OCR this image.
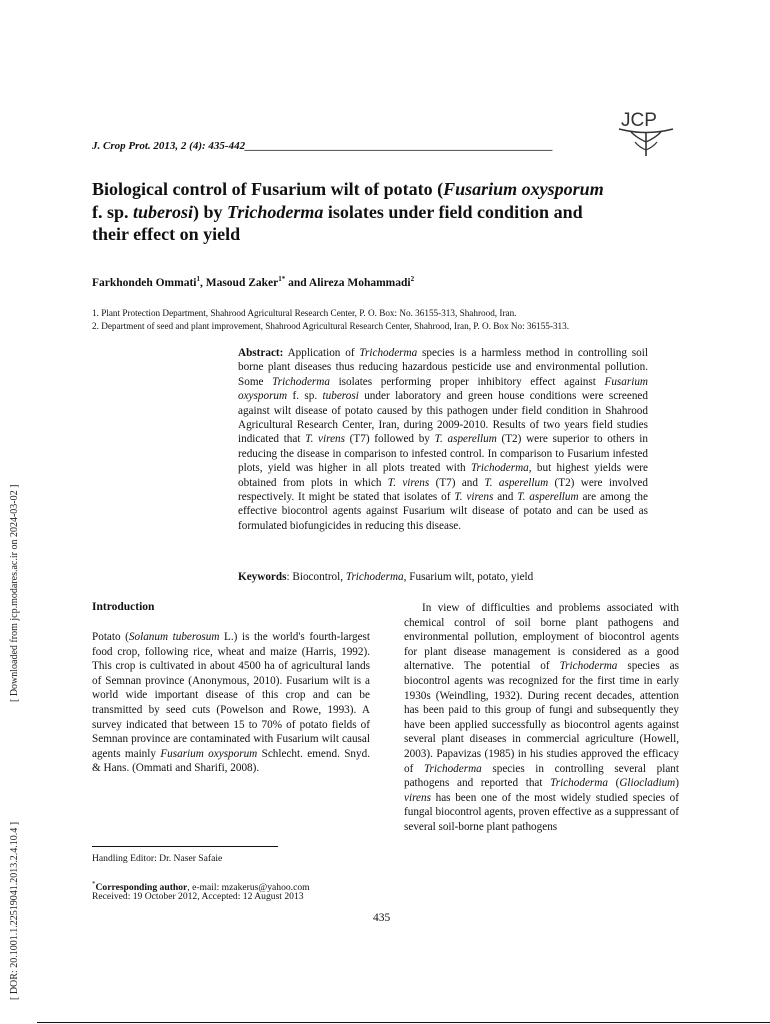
J. Crop Prot. 2013, 2 (4): 435-442________________________________________________________
JCP
Biological control of Fusarium wilt of potato (Fusarium oxysporum f. sp. tuberosi) by Trichoderma isolates under field condition and their effect on yield
Farkhondeh Ommati$^1$, Masoud Zaker$^{1*}$ and Alireza Mohammadi$^2$
1. Plant Protection Department, Shahrood Agricultural Research Center, P. O. Box: No. 36155-313, Shahrood, Iran.
2. Department of seed and plant improvement, Shahrood Agricultural Research Center, Shahrood, Iran, P. O. Box No: 36155-313.
Abstract: Application of Trichoderma species is a harmless method in controlling soil borne plant diseases thus reducing hazardous pesticide use and environmental pollution. Some Trichoderma isolates performing proper inhibitory effect against Fusarium oxysporum f. sp. tuberosi under laboratory and green house conditions were screened against wilt disease of potato caused by this pathogen under field condition in Shahrood Agricultural Research Center, Iran, during 2009-2010. Results of two years field studies indicated that T. virens (T7) followed by T. asperellum (T2) were superior to others in reducing the disease in comparison to infested control. In comparison to Fusarium infested plots, yield was higher in all plots treated with Trichoderma, but highest yields were obtained from plots in which T. virens (T7) and T. asperellum (T2) were involved respectively. It might be stated that isolates of T. virens and T. asperellum are among the effective biocontrol agents against Fusarium wilt disease of potato and can be used as formulated biofungicides in reducing this disease.
Keywords: Biocontrol, Trichoderma, Fusarium wilt, potato, yield
Introduction
Potato (Solanum tuberosum L.) is the world's fourth-largest food crop, following rice, wheat and maize (Harris, 1992). This crop is cultivated in about 4500 ha of agricultural lands of Semnan province (Anonymous, 2010). Fusarium wilt is a world wide important disease of this crop and can be transmitted by seed cuts (Powelson and Rowe, 1993). A survey indicated that between 15 to 70% of potato fields of Semnan province are contaminated with Fusarium wilt causal agents mainly Fusarium oxysporum Schlecht. emend. Snyd. & Hans. (Ommati and Sharifi, 2008).
In view of difficulties and problems associated with chemical control of soil borne plant pathogens and environmental pollution, employment of biocontrol agents for plant disease management is considered as a good alternative. The potential of Trichoderma species as biocontrol agents was recognized for the first time in early 1930s (Weindling, 1932). During recent decades, attention has been paid to this group of fungi and subsequently they have been applied successfully as biocontrol agents against several plant diseases in commercial agriculture (Howell, 2003). Papavizas (1985) in his studies approved the efficacy of Trichoderma species in controlling several plant pathogens and reported that Trichoderma (Gliocladium) virens has been one of the most widely studied species of fungal biocontrol agents, proven effective as a suppressant of several soil-borne plant pathogens
Handling Editor: Dr. Naser Safaie
*Corresponding author, e-mail: mzakerus@yahoo.com
Received: 19 October 2012, Accepted: 12 August 2013
435
[ Downloaded from jcp.modares.ac.ir on 2024-03-02 ]
[ DOR: 20.1001.1.22519041.2013.2.4.10.4 ]
